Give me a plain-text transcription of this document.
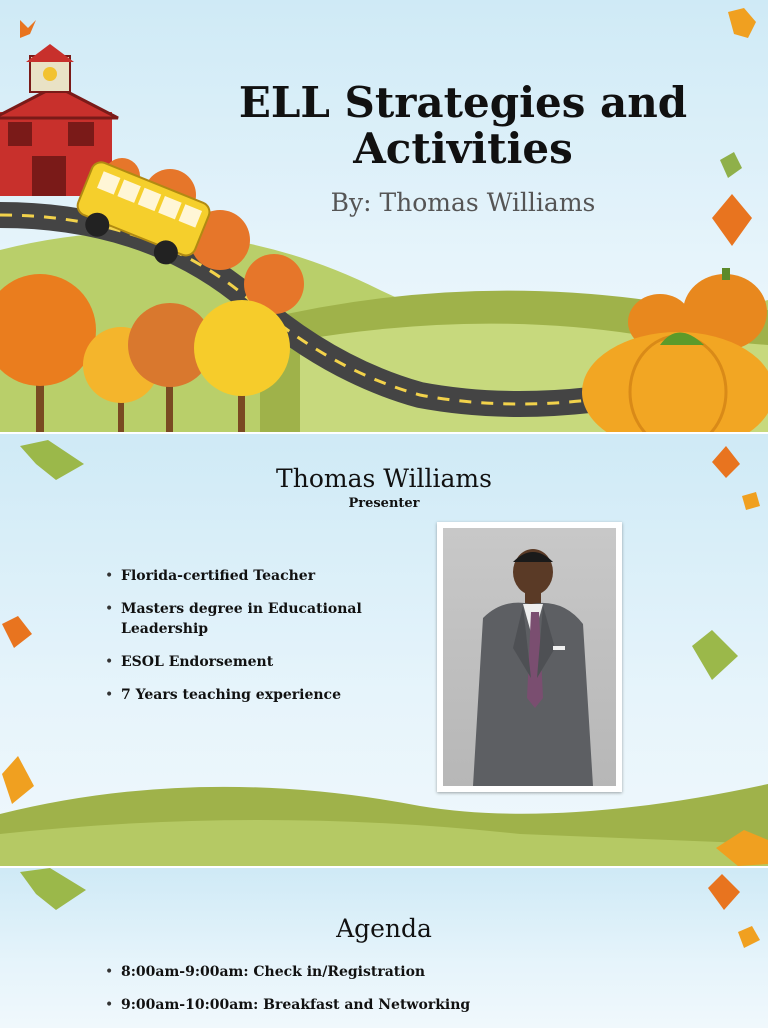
ELL Strategies and
Activities
By: Thomas Williams
Thomas Williams
Presenter
• Florida-certified Teacher
• Masters degree in Educational Leadership
• ESOL Endorsement
• 7 Years teaching experience
Agenda
• 8:00am-9:00am: Check in/Registration
• 9:00am-10:00am: Breakfast and Networking
